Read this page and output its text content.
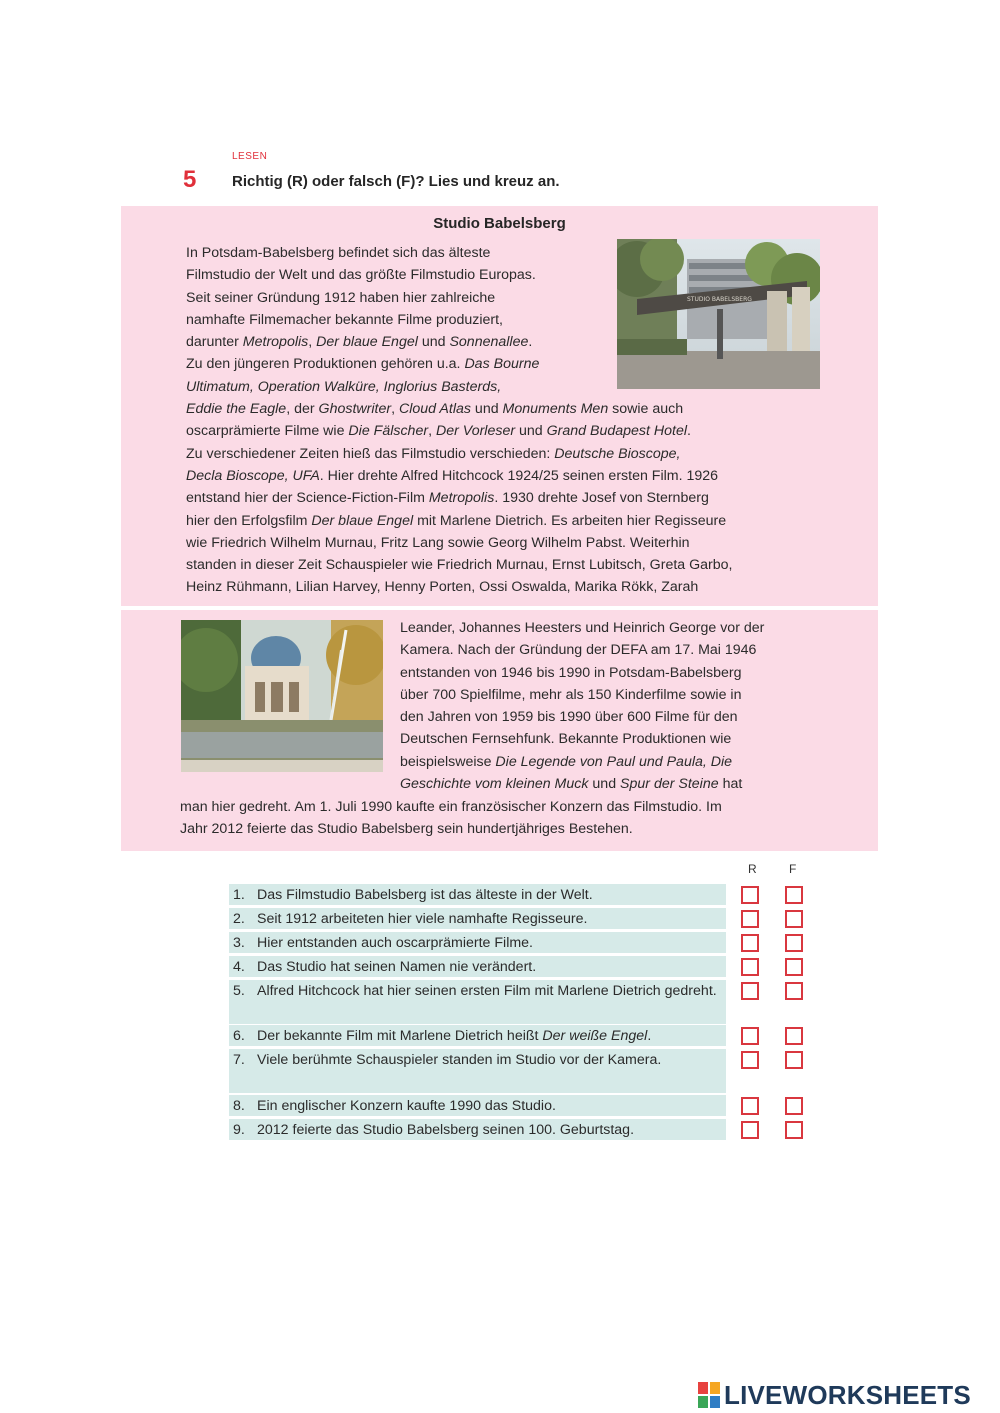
LESEN
5 Richtig (R) oder falsch (F)? Lies und kreuz an.
Studio Babelsberg
In Potsdam-Babelsberg befindet sich das älteste
Filmstudio der Welt und das größte Filmstudio Europas.
Seit seiner Gründung 1912 haben hier zahlreiche
namhafte Filmemacher bekannte Filme produziert,
darunter Metropolis, Der blaue Engel und Sonnenallee.
Zu den jüngeren Produktionen gehören u.a. Das Bourne
Ultimatum, Operation Walküre, Inglorius Basterds,
Eddie the Eagle, der Ghostwriter, Cloud Atlas und Monuments Men sowie auch
oscarprämierte Filme wie Die Fälscher, Der Vorleser und Grand Budapest Hotel.
Zu verschiedener Zeiten hieß das Filmstudio verschieden: Deutsche Bioscope,
Decla Bioscope, UFA. Hier drehte Alfred Hitchcock 1924/25 seinen ersten Film. 1926
entstand hier der Science-Fiction-Film Metropolis. 1930 drehte Josef von Sternberg
hier den Erfolgsfilm Der blaue Engel mit Marlene Dietrich. Es arbeiten hier Regisseure
wie Friedrich Wilhelm Murnau, Fritz Lang sowie Georg Wilhelm Pabst. Weiterhin
standen in dieser Zeit Schauspieler wie Friedrich Murnau, Ernst Lubitsch, Greta Garbo,
Heinz Rühmann, Lilian Harvey, Henny Porten, Ossi Oswalda, Marika Rökk, Zarah
STUDIO BABELSBERG
Leander, Johannes Heesters und Heinrich George vor der
Kamera. Nach der Gründung der DEFA am 17. Mai 1946
entstanden von 1946 bis 1990 in Potsdam-Babelsberg
über 700 Spielfilme, mehr als 150 Kinderfilme sowie in
den Jahren von 1959 bis 1990 über 600 Filme für den
Deutschen Fernsehfunk. Bekannte Produktionen wie
beispielsweise Die Legende von Paul und Paula, Die
Geschichte vom kleinen Muck und Spur der Steine hat
man hier gedreht. Am 1. Juli 1990 kaufte ein französischer Konzern das Filmstudio. Im
Jahr 2012 feierte das Studio Babelsberg sein hundertjähriges Bestehen.
R	F
1. Das Filmstudio Babelsberg ist das älteste in der Welt.
2. Seit 1912 arbeiteten hier viele namhafte Regisseure.
3. Hier entstanden auch oscarprämierte Filme.
4. Das Studio hat seinen Namen nie verändert.
5. Alfred Hitchcock hat hier seinen ersten Film mit Marlene Dietrich gedreht.
6. Der bekannte Film mit Marlene Dietrich heißt Der weiße Engel.
7. Viele berühmte Schauspieler standen im Studio vor der Kamera.
8. Ein englischer Konzern kaufte 1990 das Studio.
9. 2012 feierte das Studio Babelsberg seinen 100. Geburtstag.
LIVEWORKSHEETS
